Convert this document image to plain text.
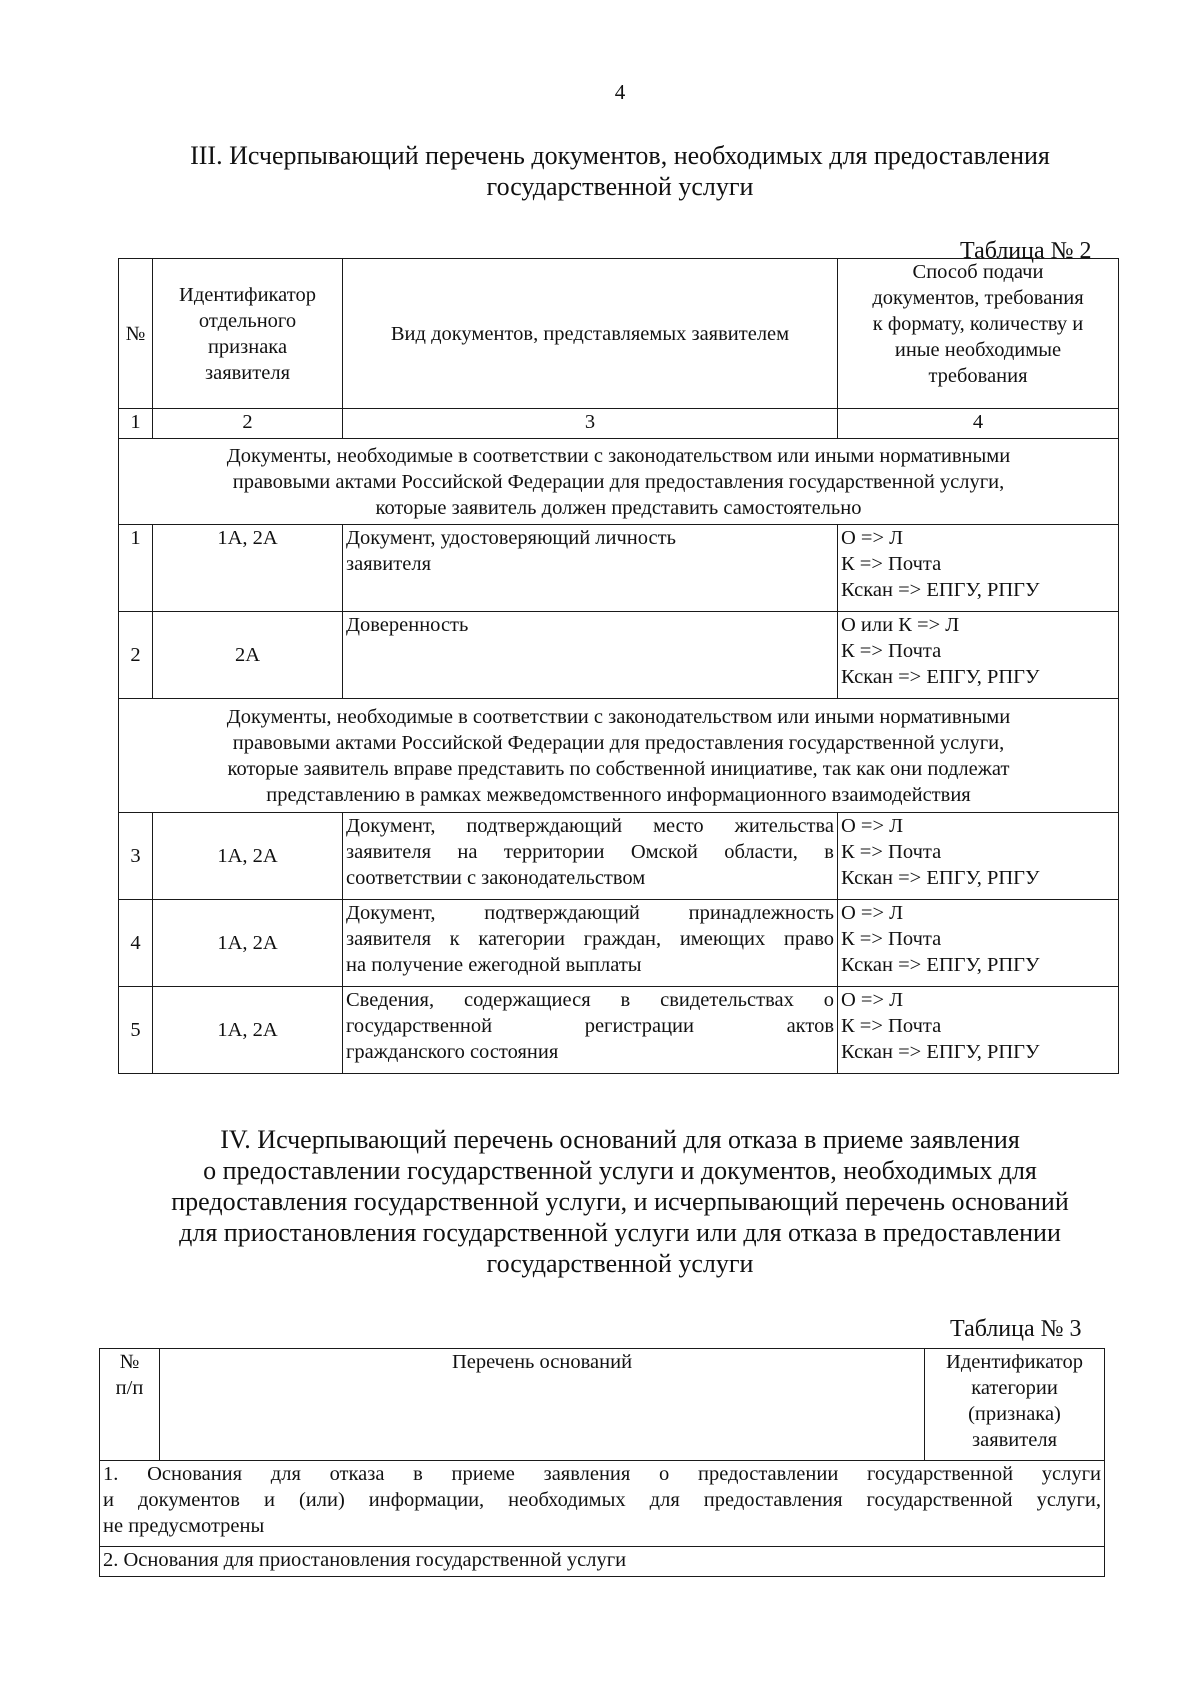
4
III. Исчерпывающий перечень документов, необходимых для предоставления
государственной услуги
Таблица № 2
№	Идентификатор
отдельного
признака
заявителя	Вид документов, представляемых заявителем	Способ подачи
документов, требования
к формату, количеству и
иные необходимые
требования

1	2	3	4

Документы, необходимые в соответствии с законодательством или иными нормативными
правовыми актами Российской Федерации для предоставления государственной услуги,
которые заявитель должен представить самостоятельно			

1	1А, 2А	Документ, удостоверяющий личность
заявителя	О => Л
К => Почта
Кскан => ЕПГУ, РПГУ

2	2А	Доверенность	О или К => Л
К => Почта
Кскан => ЕПГУ, РПГУ

Документы, необходимые в соответствии с законодательством или иными нормативными
правовыми актами Российской Федерации для предоставления государственной услуги,
которые заявитель вправе представить по собственной инициативе, так как они подлежат
представлению в рамках межведомственного информационного взаимодействия			

3	1А, 2А	Документ, подтверждающий место жительства
заявителя на территории Омской области, в
соответствии с законодательством	О => Л
К => Почта
Кскан => ЕПГУ, РПГУ

4	1А, 2А	Документ, подтверждающий принадлежность
заявителя к категории граждан, имеющих право
на получение ежегодной выплаты	О => Л
К => Почта
Кскан => ЕПГУ, РПГУ

5	1А, 2А	Сведения, содержащиеся в свидетельствах о
государственной регистрации актов
гражданского состояния	О => Л
К => Почта
Кскан => ЕПГУ, РПГУ
IV. Исчерпывающий перечень оснований для отказа в приеме заявления
о предоставлении государственной услуги и документов, необходимых для
предоставления государственной услуги, и исчерпывающий перечень оснований
для приостановления государственной услуги или для отказа в предоставлении
государственной услуги
Таблица № 3
№
п/п
	Перечень оснований	Идентификатор
категории
(признака)
заявителя

1. Основания для отказа в приеме заявления о предоставлении государственной услуги
и документов и (или) информации, необходимых для предоставления государственной услуги,
не предусмотрены

2. Основания для приостановления государственной услуги
